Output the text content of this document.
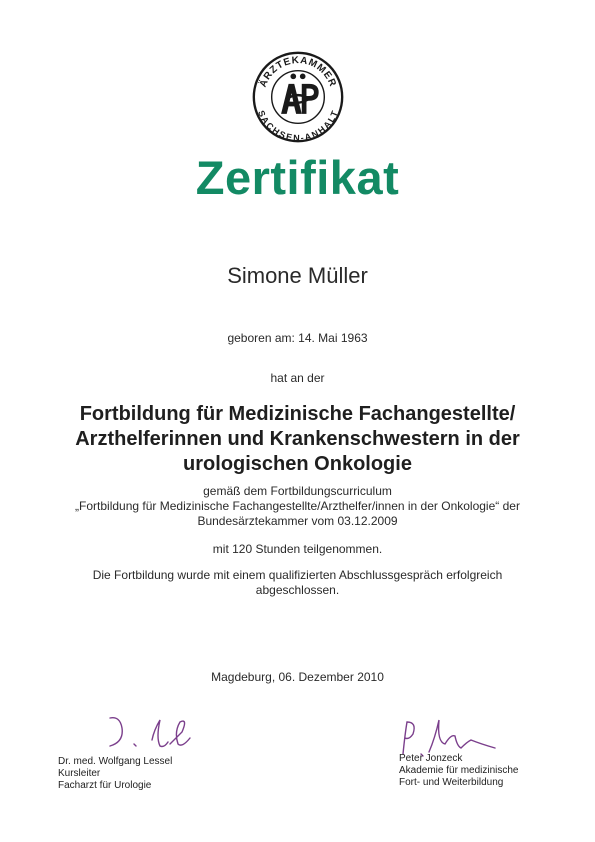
ÄRZTEKAMMER
SACHSEN-ANHALT
Zertifikat
Simone Müller
geboren am: 14. Mai 1963
hat an der
Fortbildung für Medizinische Fachangestellte/
Arzthelferinnen und Krankenschwestern in der
urologischen Onkologie
gemäß dem Fortbildungscurriculum
„Fortbildung für Medizinische Fachangestellte/Arzthelfer/innen in der Onkologie“ der
Bundesärztekammer vom 03.12.2009
mit 120 Stunden teilgenommen.
Die Fortbildung wurde mit einem qualifizierten Abschlussgespräch erfolgreich
abgeschlossen.
Magdeburg, 06. Dezember 2010
Dr. med. Wolfgang Lessel
Kursleiter
Facharzt für Urologie
Peter Jonzeck
Akademie für medizinische
Fort- und Weiterbildung
